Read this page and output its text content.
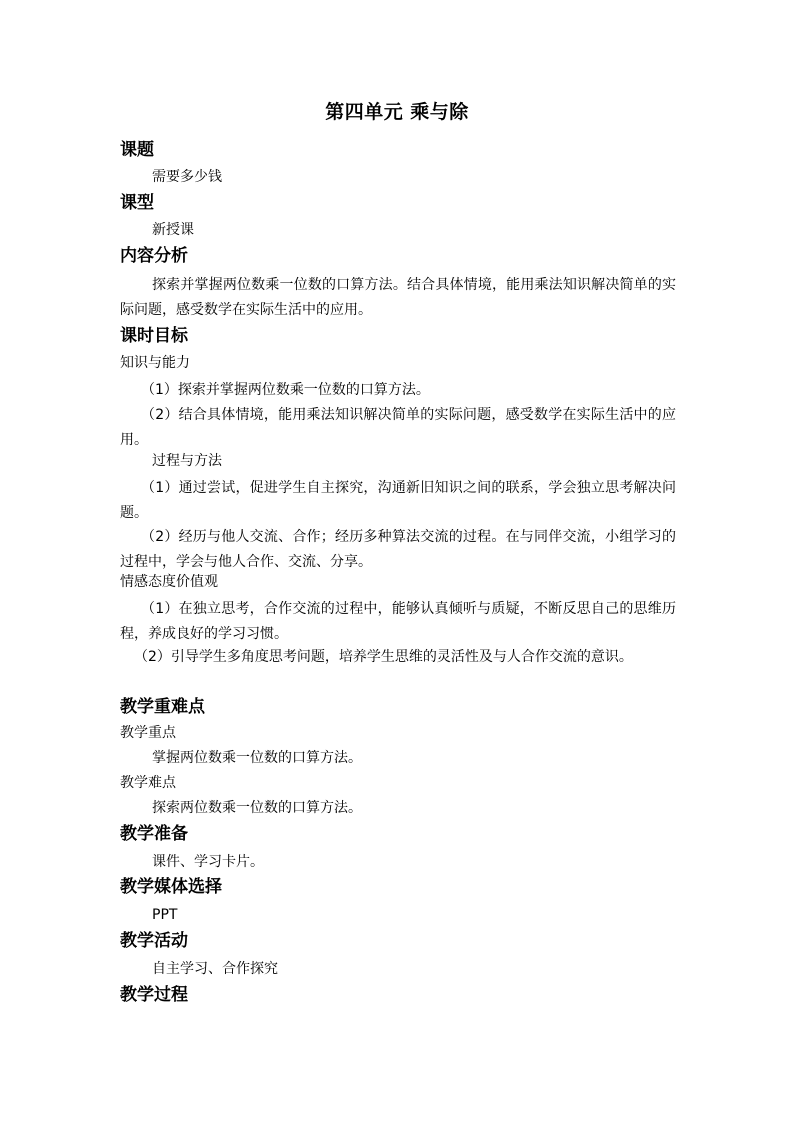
第四单元 乘与除
课题
需要多少钱
课型
新授课
内容分析
探索并掌握两位数乘一位数的口算方法。结合具体情境，能用乘法知识解决简单的实际问题，感受数学在实际生活中的应用。
课时目标
知识与能力
（1）探索并掌握两位数乘一位数的口算方法。
（2）结合具体情境，能用乘法知识解决简单的实际问题，感受数学在实际生活中的应用。
过程与方法
（1）通过尝试，促进学生自主探究，沟通新旧知识之间的联系，学会独立思考解决问题。
（2）经历与他人交流、合作；经历多种算法交流的过程。在与同伴交流，小组学习的过程中，学会与他人合作、交流、分享。
情感态度价值观
（1）在独立思考，合作交流的过程中，能够认真倾听与质疑，不断反思自己的思维历程，养成良好的学习习惯。
（2）引导学生多角度思考问题，培养学生思维的灵活性及与人合作交流的意识。
教学重难点
教学重点
掌握两位数乘一位数的口算方法。
教学难点
探索两位数乘一位数的口算方法。
教学准备
课件、学习卡片。
教学媒体选择
PPT
教学活动
自主学习、合作探究
教学过程
